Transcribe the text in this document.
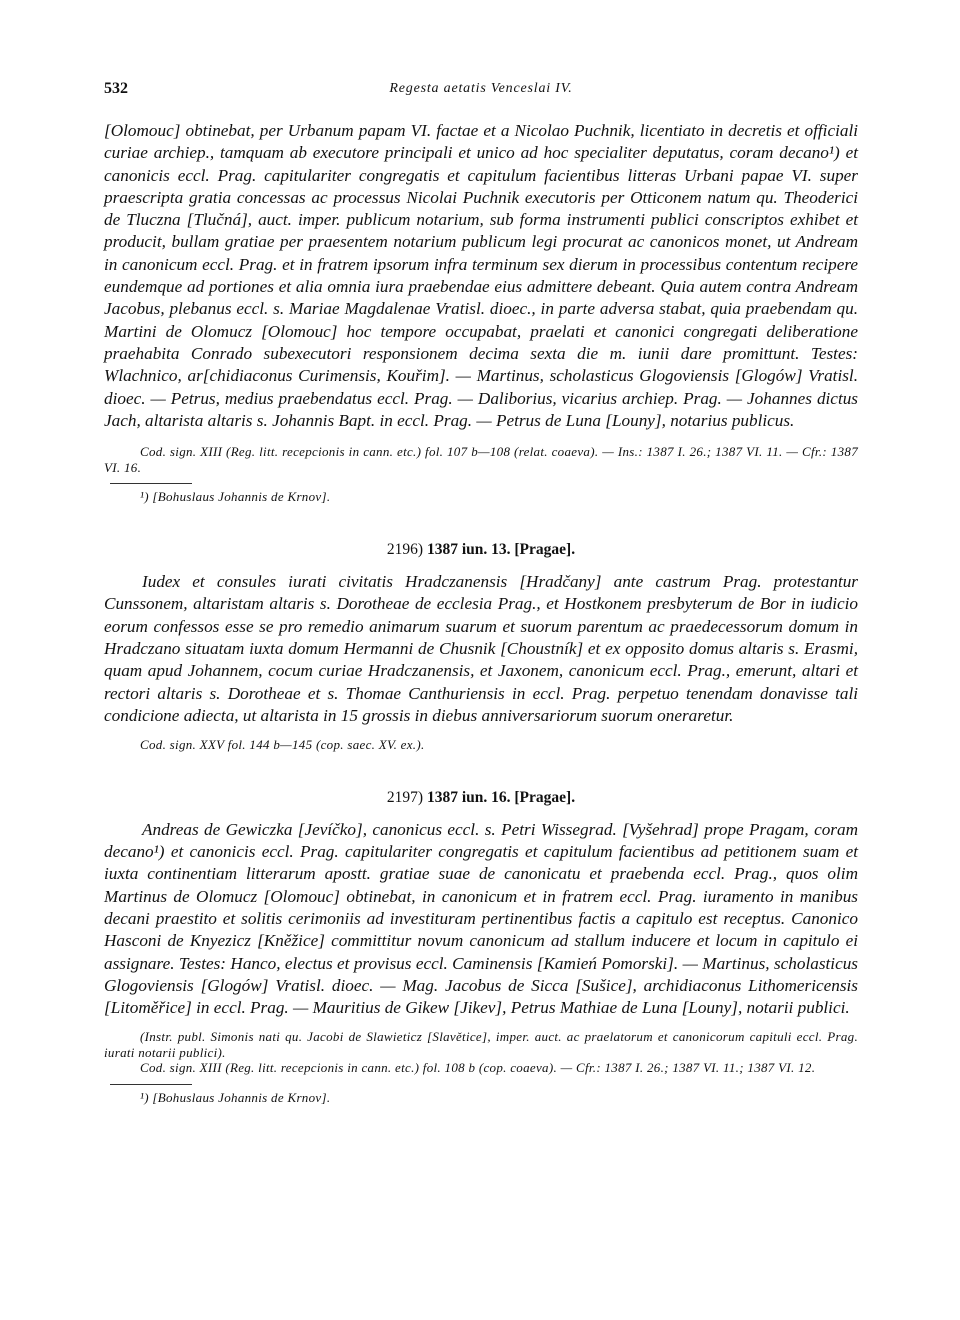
532	Regesta aetatis Venceslai IV.

[Olomouc] obtinebat, per Urbanum papam VI. factae et a Nicolao Puchnik, licentiato in decretis et officiali curiae archiep., tamquam ab executore principali et unico ad hoc specialiter deputatus, coram decano¹) et canonicis eccl. Prag. capitulariter congregatis et capitulum facientibus litteras Urbani papae VI. super praescripta gratia concessas ac processus Nicolai Puchnik executoris per Otticonem natum qu. Theoderici de Tluczna [Tlučná], auct. imper. publicum notarium, sub forma instrumenti publici conscriptos exhibet et producit, bullam gratiae per praesentem notarium publicum legi procurat ac canonicos monet, ut Andream in canonicum eccl. Prag. et in fratrem ipsorum infra terminum sex dierum in processibus contentum recipere eundemque ad portiones et alia omnia iura praebendae eius admittere debeant. Quia autem contra Andream Jacobus, plebanus eccl. s. Mariae Magdalenae Vratisl. dioec., in parte adversa stabat, quia praebendam qu. Martini de Olomucz [Olomouc] hoc tempore occupabat, praelati et canonici congregati deliberatione praehabita Conrado subexecutori responsionem decima sexta die m. iunii dare promittunt. Testes: Wlachnico, ar[chidiaconus Curimensis, Kouřim]. — Martinus, scholasticus Glogoviensis [Glogów] Vratisl. dioec. — Petrus, medius praebendatus eccl. Prag. — Daliborius, vicarius archiep. Prag. — Johannes dictus Jach, altarista altaris s. Johannis Bapt. in eccl. Prag. — Petrus de Luna [Louny], notarius publicus.

Cod. sign. XIII (Reg. litt. recepcionis in cann. etc.) fol. 107 b—108 (relat. coaeva). — Ins.: 1387 I. 26.; 1387 VI. 11. — Cfr.: 1387 VI. 16.

¹) [Bohuslaus Johannis de Krnov].

2196) 1387 iun. 13. [Pragae].

Iudex et consules iurati civitatis Hradczanensis [Hradčany] ante castrum Prag. protestantur Cunssonem, altaristam altaris s. Dorotheae de ecclesia Prag., et Hostkonem presbyterum de Bor in iudicio eorum confessos esse se pro remedio animarum suarum et suorum parentum ac praedecessorum domum in Hradczano situatam iuxta domum Hermanni de Chusnik [Choustník] et ex opposito domus altaris s. Erasmi, quam apud Johannem, cocum curiae Hradczanensis, et Jaxonem, canonicum eccl. Prag., emerunt, altari et rectori altaris s. Dorotheae et s. Thomae Canthuriensis in eccl. Prag. perpetuo tenendam donavisse tali condicione adiecta, ut altarista in 15 grossis in diebus anniversariorum suorum oneraretur.

Cod. sign. XXV fol. 144 b—145 (cop. saec. XV. ex.).

2197) 1387 iun. 16. [Pragae].

Andreas de Gewiczka [Jevíčko], canonicus eccl. s. Petri Wissegrad. [Vyšehrad] prope Pragam, coram decano¹) et canonicis eccl. Prag. capitulariter congregatis et capitulum facientibus ad petitionem suam et iuxta continentiam litterarum apostt. gratiae suae de canonicatu et praebenda eccl. Prag., quos olim Martinus de Olomucz [Olomouc] obtinebat, in canonicum et in fratrem eccl. Prag. iuramento in manibus decani praestito et solitis cerimoniis ad investituram pertinentibus factis a capitulo est receptus. Canonico Hasconi de Knyezicz [Kněžice] committitur novum canonicum ad stallum inducere et locum in capitulo ei assignare. Testes: Hanco, electus et provisus eccl. Caminensis [Kamień Pomorski]. — Martinus, scholasticus Glogoviensis [Glogów] Vratisl. dioec. — Mag. Jacobus de Sicca [Sušice], archidiaconus Lithomericensis [Litoměřice] in eccl. Prag. — Mauritius de Gikew [Jikev], Petrus Mathiae de Luna [Louny], notarii publici.

(Instr. publ. Simonis nati qu. Jacobi de Slawieticz [Slavětice], imper. auct. ac praelatorum et canonicorum capituli eccl. Prag. iurati notarii publici).

Cod. sign. XIII (Reg. litt. recepcionis in cann. etc.) fol. 108 b (cop. coaeva). — Cfr.: 1387 I. 26.; 1387 VI. 11.; 1387 VI. 12.

¹) [Bohuslaus Johannis de Krnov].
